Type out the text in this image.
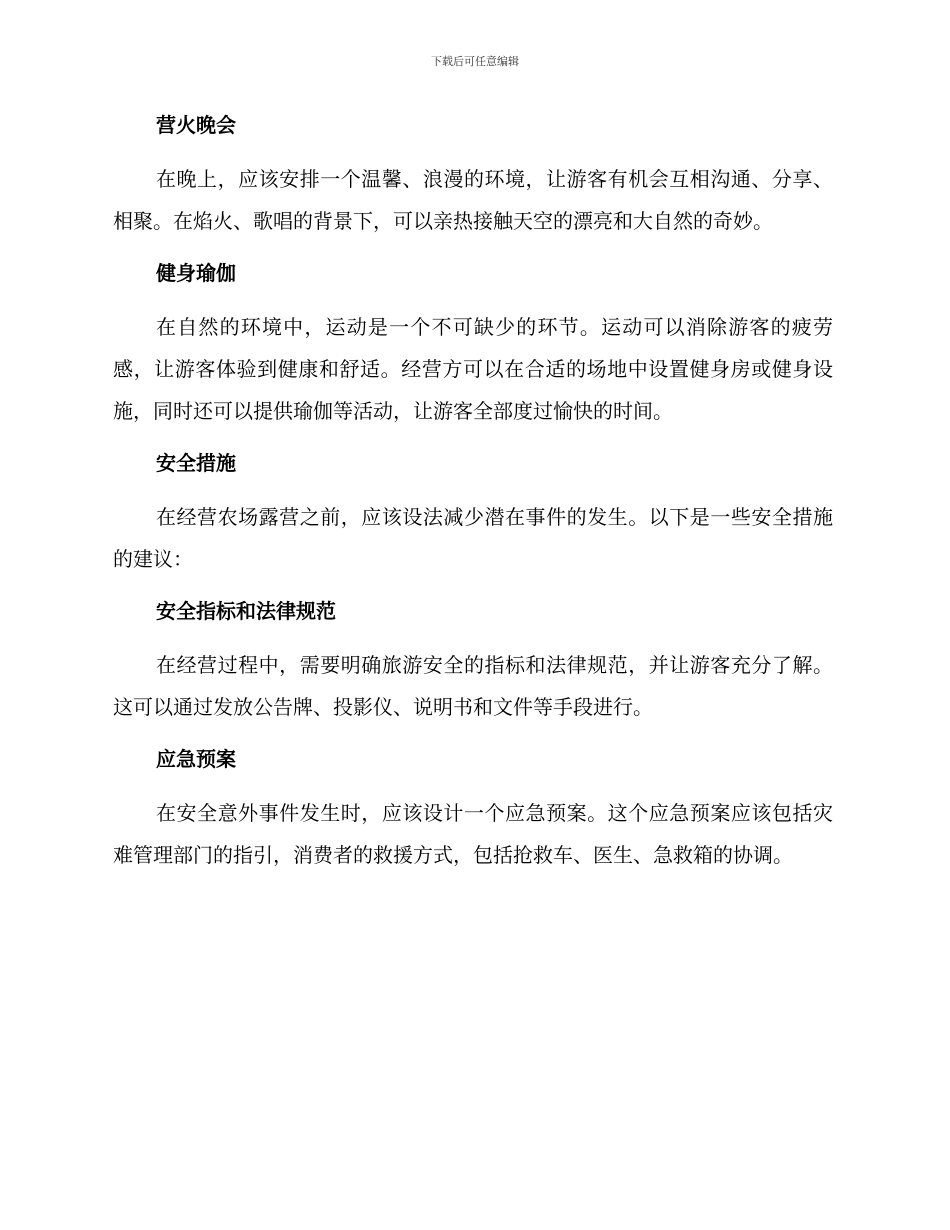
下载后可任意编辑
营火晚会

在晚上，应该安排一个温馨、浪漫的环境，让游客有机会互相沟通、分享、相聚。在焰火、歌唱的背景下，可以亲热接触天空的漂亮和大自然的奇妙。

健身瑜伽

在自然的环境中，运动是一个不可缺少的环节。运动可以消除游客的疲劳感，让游客体验到健康和舒适。经营方可以在合适的场地中设置健身房或健身设施，同时还可以提供瑜伽等活动，让游客全部度过愉快的时间。

安全措施

在经营农场露营之前，应该设法减少潜在事件的发生。以下是一些安全措施的建议：

安全指标和法律规范

在经营过程中，需要明确旅游安全的指标和法律规范，并让游客充分了解。这可以通过发放公告牌、投影仪、说明书和文件等手段进行。

应急预案

在安全意外事件发生时，应该设计一个应急预案。这个应急预案应该包括灾难管理部门的指引，消费者的救援方式，包括抢救车、医生、急救箱的协调。
